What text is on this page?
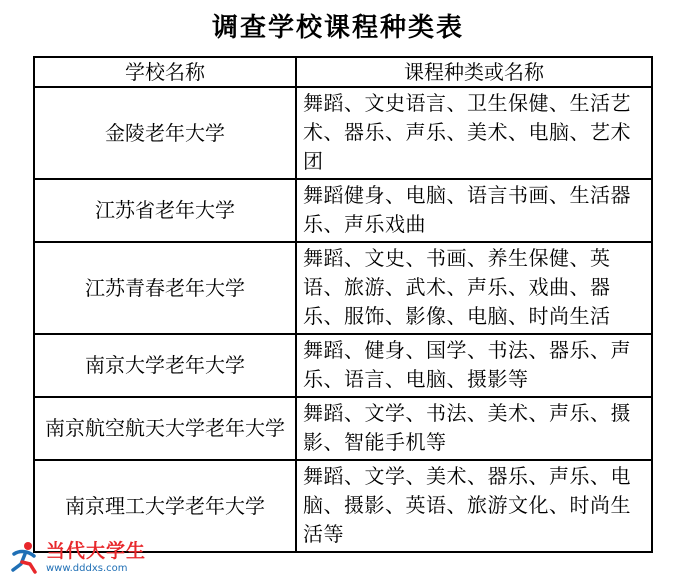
调查学校课程种类表
学校名称	课程种类或名称
金陵老年大学	舞蹈、文史语言、卫生保健、生活艺术、器乐、声乐、美术、电脑、艺术团
江苏省老年大学	舞蹈健身、电脑、语言书画、生活器乐、声乐戏曲
江苏青春老年大学	舞蹈、文史、书画、养生保健、英语、旅游、武术、声乐、戏曲、器乐、服饰、影像、电脑、时尚生活
南京大学老年大学	舞蹈、健身、国学、书法、器乐、声乐、语言、电脑、摄影等
南京航空航天大学老年大学	舞蹈、文学、书法、美术、声乐、摄影、智能手机等
南京理工大学老年大学	舞蹈、文学、美术、器乐、声乐、电脑、摄影、英语、旅游文化、时尚生活等
当代大学生
www.dddxs.com
